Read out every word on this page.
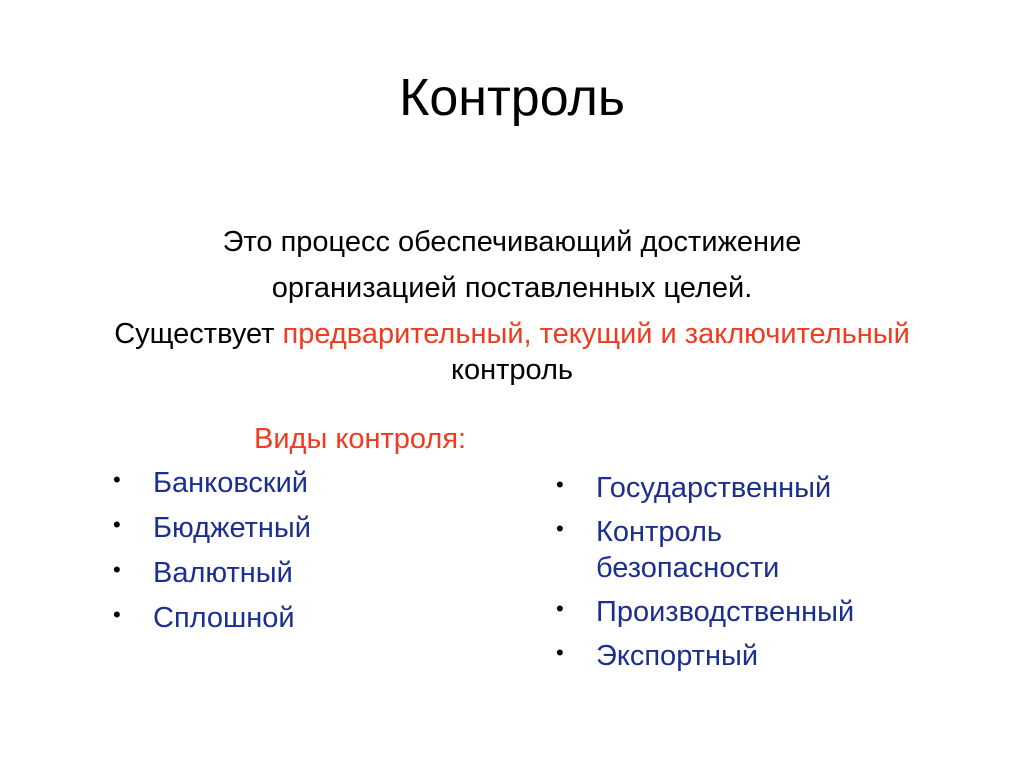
Контроль
Это процесс обеспечивающий достижение
организацией поставленных целей.
Существует предварительный, текущий и заключительный
контроль
Виды контроля:
• Банковский
• Бюджетный
• Валютный
• Сплошной
• Государственный
• Контроль
безопасности
• Производственный
• Экспортный
